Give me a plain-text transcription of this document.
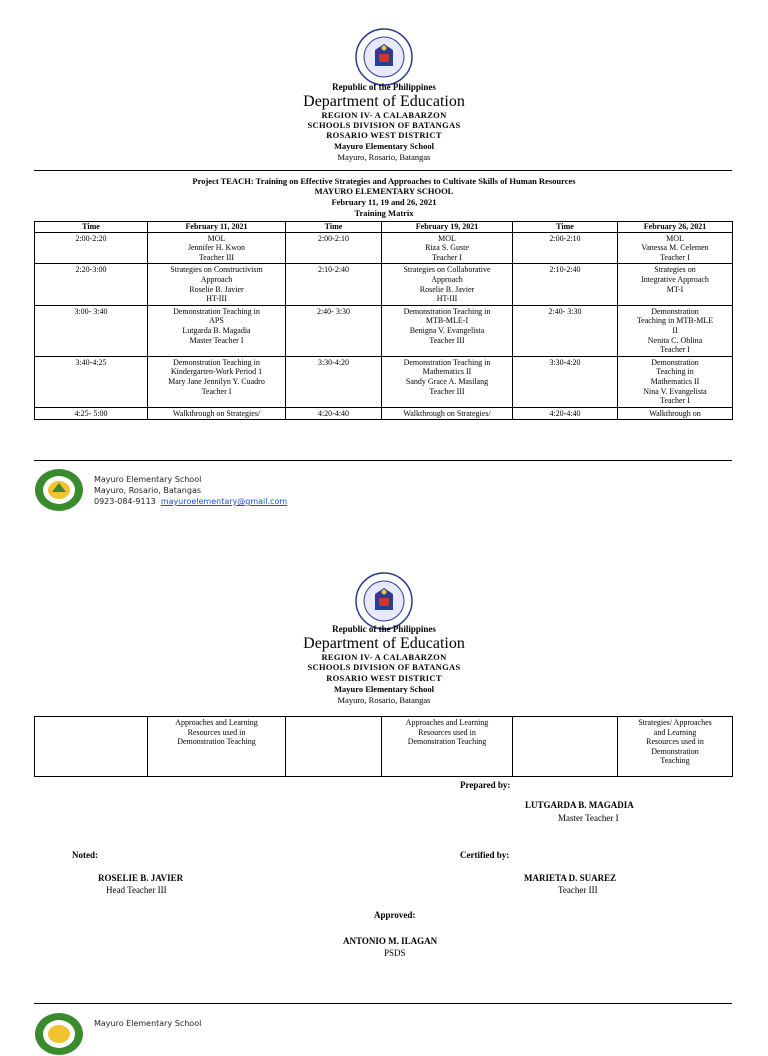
Republic of the Philippines
Department of Education
REGION IV- A CALABARZON
SCHOOLS DIVISION OF BATANGAS
ROSARIO WEST DISTRICT
Mayuro Elementary School
Mayuro, Rosario, Batangas
Project TEACH: Training on Effective Strategies and Approaches to Cultivate Skills of Human Resources
MAYURO ELEMENTARY SCHOOL
February 11, 19 and 26, 2021
Training Matrix
Time	February 11, 2021	Time	February 19, 2021	Time	February 26, 2021
2:00-2:20	MOL
Jennifer H. Kwon
Teacher III	2:00-2:10	MOL
Riza S. Guste
Teacher I	2:00-2:10	MOL
Vanessa M. Celemen
Teacher I
2:20-3:00	Strategies on Constructivism
Approach
Roselie B. Javier
HT-III	2:10-2:40	Strategies on Collaborative
Approach
Roselie B. Javier
HT-III	2:10-2:40	Strategies on
Integrative Approach
MT-I
3:00- 3:40	Demonstration Teaching in
APS
Lutgarda B. Magadia
Master Teacher I	2:40- 3:30	Demonstration Teaching in
MTB-MLE-I
Benigna V. Evangelista
Teacher III	2:40- 3:30	Demonstration
Teaching in MTB-MLE
II
Nenita C. Oblina
Teacher I
3:40-4:25	Demonstration Teaching in
Kindergarten-Work Period 1
Mary Jane Jennilyn Y. Cuadro
Teacher I	3:30-4:20	Demonstration Teaching in
Mathematics II
Sandy Grace A. Masilang
Teacher III	3:30-4:20	Demonstration
Teaching in
Mathematics II
Nina V. Evangelista
Teacher I
4:25- 5:00	Walkthrough on Strategies/	4:20-4:40	Walkthrough on Strategies/	4:20-4:40	Walkthrough on
Mayuro Elementary School
Mayuro, Rosario, Batangas
0923-084-9113 mayuroelementary@gmail.com
Republic of the Philippines
Department of Education
REGION IV- A CALABARZON
SCHOOLS DIVISION OF BATANGAS
ROSARIO WEST DISTRICT
Mayuro Elementary School
Mayuro, Rosario, Batangas
	Approaches and Learning
Resources used in
Demonstration Teaching		Approaches and Learning
Resources used in
Demonstration Teaching		Strategies/ Approaches
and Learning
Resources used in
Demonstration
Teaching
Prepared by:
LUTGARDA B. MAGADIA
Master Teacher I
Noted:	Certified by:
ROSELIE B. JAVIER
Head Teacher III
MARIETA D. SUAREZ
Teacher III
Approved:
ANTONIO M. ILAGAN
PSDS
Mayuro Elementary School
